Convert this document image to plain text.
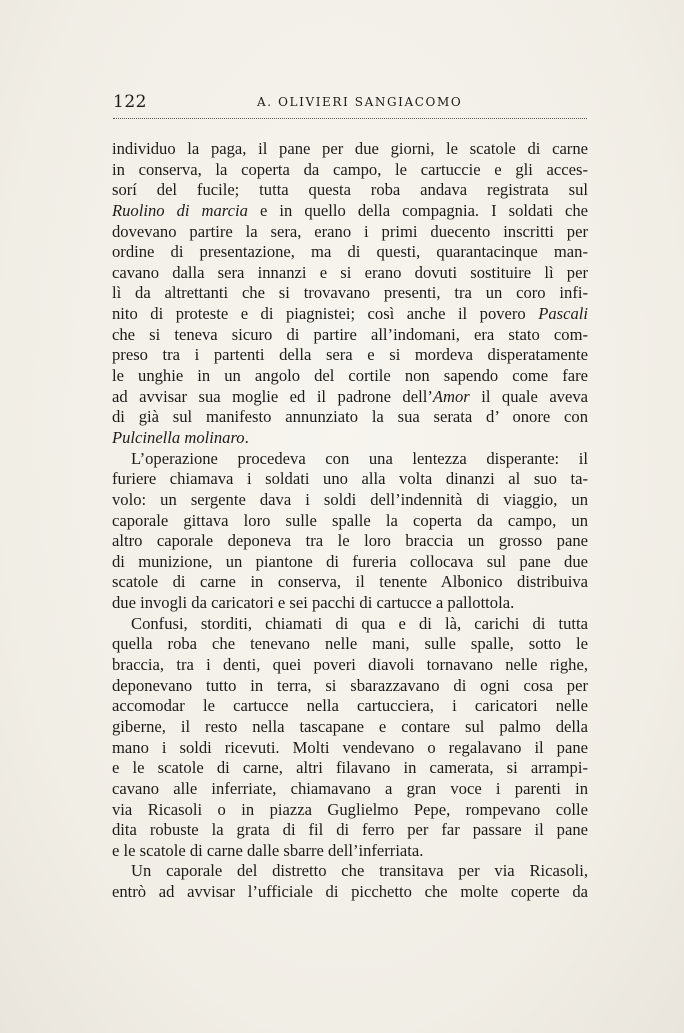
122	A. OLIVIERI SANGIACOMO
individuo la paga, il pane per due giorni, le scatole di carne
in conserva, la coperta da campo, le cartuccie e gli acces-
sorí del fucile; tutta questa roba andava registrata sul
Ruolino di marcia e in quello della compagnia. I soldati che
dovevano partire la sera, erano i primi duecento inscritti per
ordine di presentazione, ma di questi, quarantacinque man-
cavano dalla sera innanzi e si erano dovuti sostituire lì per
lì da altrettanti che si trovavano presenti, tra un coro infi-
nito di proteste e di piagnistei; così anche il povero Pascali
che si teneva sicuro di partire all’indomani, era stato com-
preso tra i partenti della sera e si mordeva disperatamente
le unghie in un angolo del cortile non sapendo come fare
ad avvisar sua moglie ed il padrone dell’Amor il quale aveva
di già sul manifesto annunziato la sua serata d’ onore con
Pulcinella molinaro.
L’operazione procedeva con una lentezza disperante: il
furiere chiamava i soldati uno alla volta dinanzi al suo ta-
volo: un sergente dava i soldi dell’indennità di viaggio, un
caporale gittava loro sulle spalle la coperta da campo, un
altro caporale deponeva tra le loro braccia un grosso pane
di munizione, un piantone di fureria collocava sul pane due
scatole di carne in conserva, il tenente Albonico distribuiva
due invogli da caricatori e sei pacchi di cartucce a pallottola.
Confusi, storditi, chiamati di qua e di là, carichi di tutta
quella roba che tenevano nelle mani, sulle spalle, sotto le
braccia, tra i denti, quei poveri diavoli tornavano nelle righe,
deponevano tutto in terra, si sbarazzavano di ogni cosa per
accomodar le cartucce nella cartucciera, i caricatori nelle
giberne, il resto nella tascapane e contare sul palmo della
mano i soldi ricevuti. Molti vendevano o regalavano il pane
e le scatole di carne, altri filavano in camerata, si arrampi-
cavano alle inferriate, chiamavano a gran voce i parenti in
via Ricasoli o in piazza Guglielmo Pepe, rompevano colle
dita robuste la grata di fil di ferro per far passare il pane
e le scatole di carne dalle sbarre dell’inferriata.
Un caporale del distretto che transitava per via Ricasoli,
entrò ad avvisar l’ufficiale di picchetto che molte coperte da
